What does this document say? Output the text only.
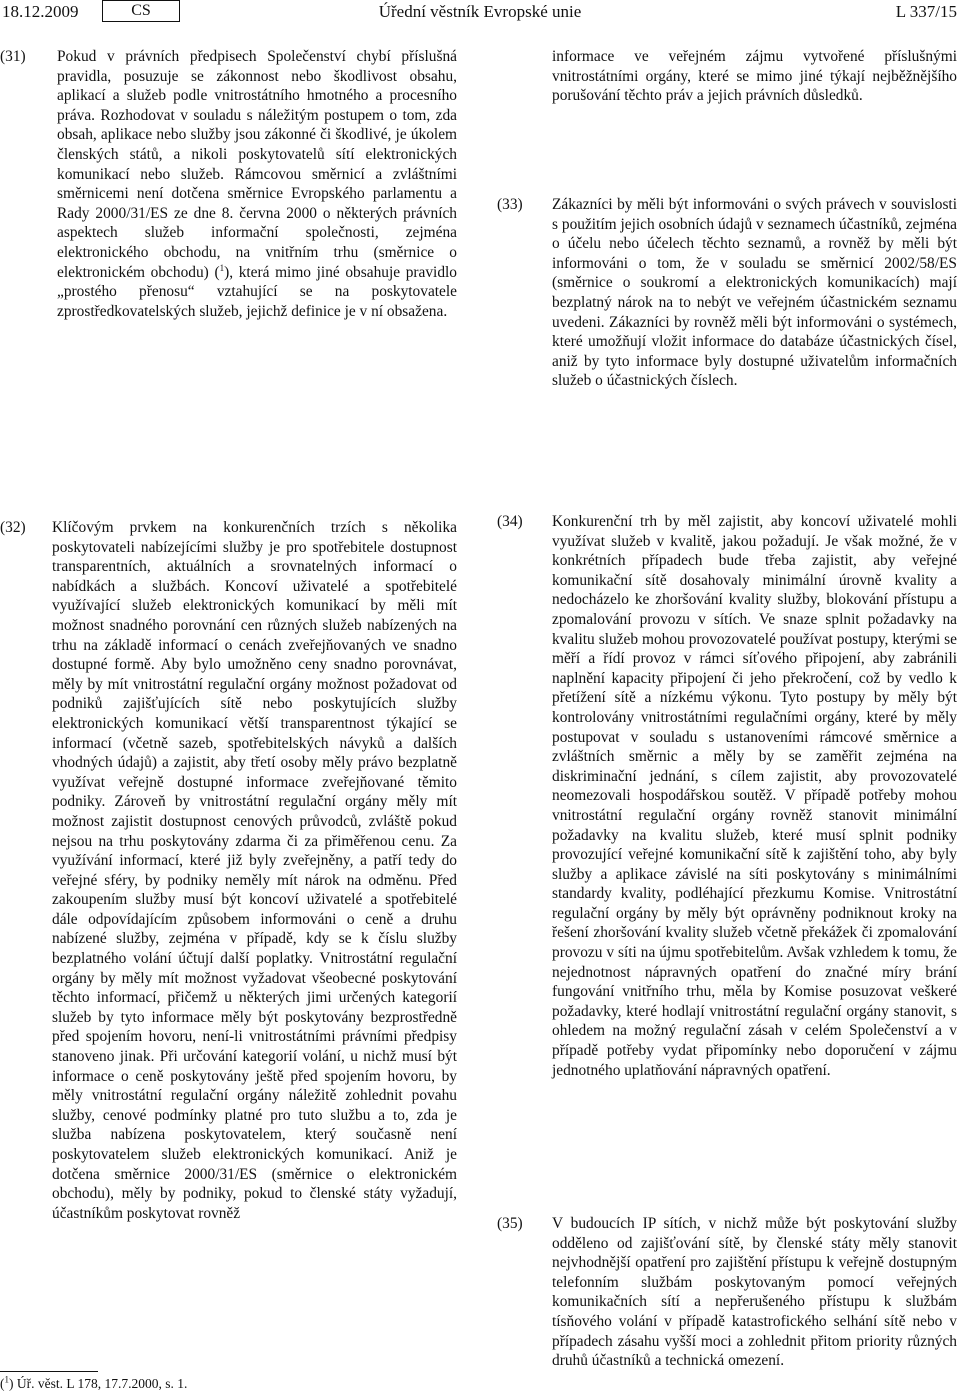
18.12.2009	CS	Úřední věstník Evropské unie	L 337/15
(31) Pokud v právních předpisech Společenství chybí příslušná pravidla, posuzuje se zákonnost nebo škodlivost obsahu, aplikací a služeb podle vnitrostátního hmotného a procesního práva. Rozhodovat v souladu s náležitým postupem o tom, zda obsah, aplikace nebo služby jsou zákonné či škodlivé, je úkolem členských států, a nikoli poskytovatelů sítí elektronických komunikací nebo služeb. Rámcovou směrnicí a zvláštními směrnicemi není dotčena směrnice Evropského parlamentu a Rady 2000/31/ES ze dne 8. června 2000 o některých právních aspektech služeb informační společnosti, zejména elektronického obchodu, na vnitřním trhu (směrnice o elektronickém obchodu) ($^1$), která mimo jiné obsahuje pravidlo „prostého přenosu“ vztahující se na poskytovatele zprostředkovatelských služeb, jejichž definice je v ní obsažena.
informace ve veřejném zájmu vytvořené příslušnými vnitrostátními orgány, které se mimo jiné týkají nejběžnějšího porušování těchto práv a jejich právních důsledků.
(33) Zákazníci by měli být informováni o svých právech v souvislosti s použitím jejich osobních údajů v seznamech účastníků, zejména o účelu nebo účelech těchto seznamů, a rovněž by měli být informováni o tom, že v souladu se směrnicí 2002/58/ES (směrnice o soukromí a elektronických komunikacích) mají bezplatný nárok na to nebýt ve veřejném účastnickém seznamu uvedeni. Zákazníci by rovněž měli být informováni o systémech, které umožňují vložit informace do databáze účastnických čísel, aniž by tyto informace byly dostupné uživatelům informačních služeb o účastnických číslech.
(32) Klíčovým prvkem na konkurenčních trzích s několika poskytovateli nabízejícími služby je pro spotřebitele dostupnost transparentních, aktuálních a srovnatelných informací o nabídkách a službách. Koncoví uživatelé a spotřebitelé využívající služeb elektronických komunikací by měli mít možnost snadného porovnání cen různých služeb nabízených na trhu na základě informací o cenách zveřejňovaných ve snadno dostupné formě. Aby bylo umožněno ceny snadno porovnávat, měly by mít vnitrostátní regulační orgány možnost požadovat od podniků zajišťujících sítě nebo poskytujících služby elektronických komunikací větší transparentnost týkající se informací (včetně sazeb, spotřebitelských návyků a dalších vhodných údajů) a zajistit, aby třetí osoby měly právo bezplatně využívat veřejně dostupné informace zveřejňované těmito podniky. Zároveň by vnitrostátní regulační orgány měly mít možnost zajistit dostupnost cenových průvodců, zvláště pokud nejsou na trhu poskytovány zdarma či za přiměřenou cenu. Za využívání informací, které již byly zveřejněny, a patří tedy do veřejné sféry, by podniky neměly mít nárok na odměnu. Před zakoupením služby musí být koncoví uživatelé a spotřebitelé dále odpovídajícím způsobem informováni o ceně a druhu nabízené služby, zejména v případě, kdy se k číslu služby bezplatného volání účtují další poplatky. Vnitrostátní regulační orgány by měly mít možnost vyžadovat všeobecné poskytování těchto informací, přičemž u některých jimi určených kategorií služeb by tyto informace měly být poskytovány bezprostředně před spojením hovoru, není-li vnitrostátními právními předpisy stanoveno jinak. Při určování kategorií volání, u nichž musí být informace o ceně poskytovány ještě před spojením hovoru, by měly vnitrostátní regulační orgány náležitě zohlednit povahu služby, cenové podmínky platné pro tuto službu a to, zda je služba nabízena poskytovatelem, který současně není poskytovatelem služeb elektronických komunikací. Aniž je dotčena směrnice 2000/31/ES (směrnice o elektronickém obchodu), měly by podniky, pokud to členské státy vyžadují, účastníkům poskytovat rovněž
(34) Konkurenční trh by měl zajistit, aby koncoví uživatelé mohli využívat služeb v kvalitě, jakou požadují. Je však možné, že v konkrétních případech bude třeba zajistit, aby veřejné komunikační sítě dosahovaly minimální úrovně kvality a nedocházelo ke zhoršování kvality služby, blokování přístupu a zpomalování provozu v sítích. Ve snaze splnit požadavky na kvalitu služeb mohou provozovatelé používat postupy, kterými se měří a řídí provoz v rámci síťového připojení, aby zabránili naplnění kapacity připojení či jeho překročení, což by vedlo k přetížení sítě a nízkému výkonu. Tyto postupy by měly být kontrolovány vnitrostátními regulačními orgány, které by měly postupovat v souladu s ustanoveními rámcové směrnice a zvláštních směrnic a měly by se zaměřit zejména na diskriminační jednání, s cílem zajistit, aby provozovatelé neomezovali hospodářskou soutěž. V případě potřeby mohou vnitrostátní regulační orgány rovněž stanovit minimální požadavky na kvalitu služeb, které musí splnit podniky provozující veřejné komunikační sítě k zajištění toho, aby byly služby a aplikace závislé na síti poskytovány s minimálními standardy kvality, podléhající přezkumu Komise. Vnitrostátní regulační orgány by měly být oprávněny podniknout kroky na řešení zhoršování kvality služeb včetně překážek či zpomalování provozu v síti na újmu spotřebitelům. Avšak vzhledem k tomu, že nejednotnost nápravných opatření do značné míry brání fungování vnitřního trhu, měla by Komise posuzovat veškeré požadavky, které hodlají vnitrostátní regulační orgány stanovit, s ohledem na možný regulační zásah v celém Společenství a v případě potřeby vydat připomínky nebo doporučení v zájmu jednotného uplatňování nápravných opatření.
(35) V budoucích IP sítích, v nichž může být poskytování služby odděleno od zajišťování sítě, by členské státy měly stanovit nejvhodnější opatření pro zajištění přístupu k veřejně dostupným telefonním službám poskytovaným pomocí veřejných komunikačních sítí a nepřerušeného přístupu k službám tísňového volání v případě katastrofického selhání sítě nebo v případech zásahu vyšší moci a zohlednit přitom priority různých druhů účastníků a technická omezení.
($^1$) Úř. věst. L 178, 17.7.2000, s. 1.
